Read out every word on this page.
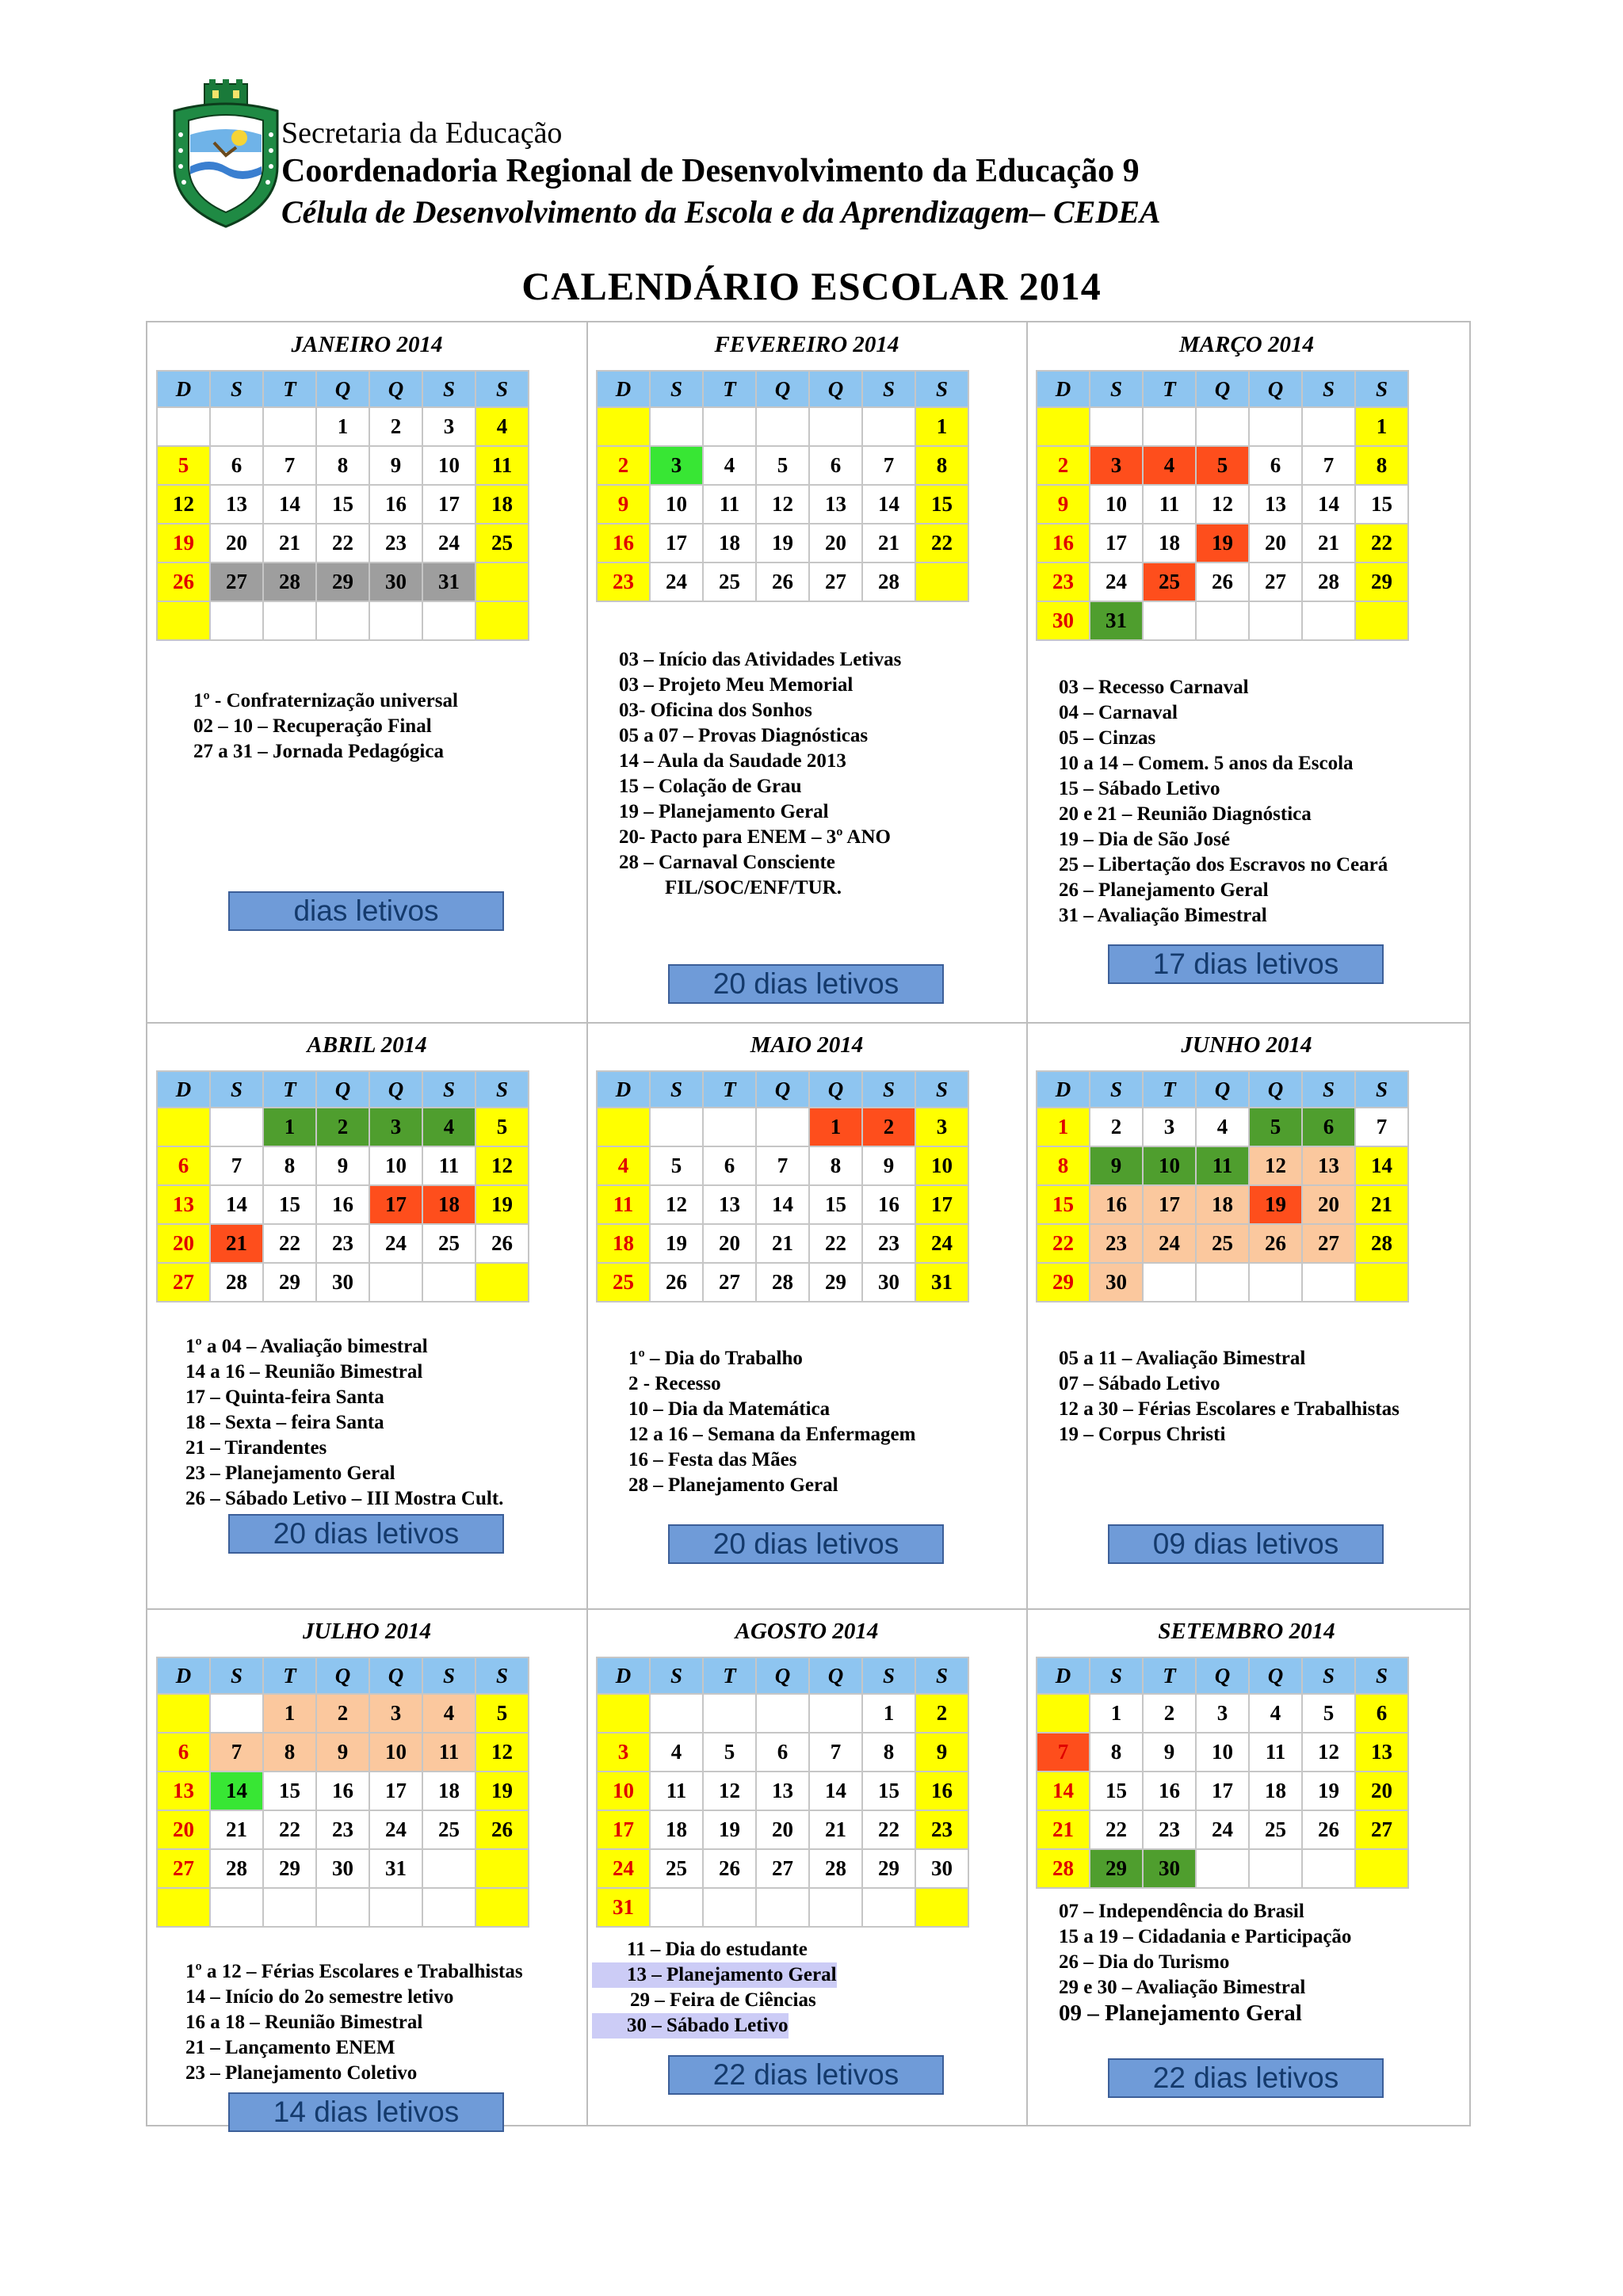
Secretaria da Educação
Coordenadoria Regional de Desenvolvimento da Educação 9
Célula de Desenvolvimento da Escola e da Aprendizagem– CEDEA
CALENDÁRIO ESCOLAR 2014
JANEIRO 2014
D	S	T	Q	Q	S	S
			1	2	3	4
5	6	7	8	9	10	11
12	13	14	15	16	17	18
19	20	21	22	23	24	25
26	27	28	29	30	31	

1º - Confraternização universal
02 – 10 – Recuperação Final
27 a 31 – Jornada Pedagógica
dias letivos
FEVEREIRO 2014
D	S	T	Q	Q	S	S
						1
2	3	4	5	6	7	8
9	10	11	12	13	14	15
16	17	18	19	20	21	22
23	24	25	26	27	28	
03 – Início das Atividades Letivas
03 – Projeto Meu Memorial
03- Oficina dos Sonhos
05 a 07 – Provas Diagnósticas
14 – Aula da Saudade 2013
15 – Colação de Grau
19 – Planejamento Geral
20- Pacto para ENEM – 3º ANO
28 – Carnaval Consciente
FIL/SOC/ENF/TUR.
20 dias letivos
MARÇO 2014
D	S	T	Q	Q	S	S
						1
2	3	4	5	6	7	8
9	10	11	12	13	14	15
16	17	18	19	20	21	22
23	24	25	26	27	28	29
30	31					
03 – Recesso Carnaval
04 – Carnaval
05 – Cinzas
10 a 14 – Comem. 5 anos da Escola
15 – Sábado Letivo
20 e 21 – Reunião Diagnóstica
19 – Dia de São José
25 – Libertação dos Escravos no Ceará
26 – Planejamento Geral
31 – Avaliação Bimestral
17 dias letivos
ABRIL 2014
D	S	T	Q	Q	S	S
		1	2	3	4	5
6	7	8	9	10	11	12
13	14	15	16	17	18	19
20	21	22	23	24	25	26
27	28	29	30			
1º a 04 – Avaliação bimestral
14 a 16 – Reunião Bimestral
17 – Quinta-feira Santa
18 – Sexta – feira Santa
21 – Tirandentes
23 – Planejamento Geral
26 – Sábado Letivo – III Mostra Cult.
20 dias letivos
MAIO 2014
D	S	T	Q	Q	S	S
				1	2	3
4	5	6	7	8	9	10
11	12	13	14	15	16	17
18	19	20	21	22	23	24
25	26	27	28	29	30	31
1º – Dia do Trabalho
2 - Recesso
10 – Dia da Matemática
12 a 16 – Semana da Enfermagem
16 – Festa das Mães
28 – Planejamento Geral
20 dias letivos
JUNHO 2014
D	S	T	Q	Q	S	S
1	2	3	4	5	6	7
8	9	10	11	12	13	14
15	16	17	18	19	20	21
22	23	24	25	26	27	28
29	30					
05 a 11 – Avaliação Bimestral
07 – Sábado Letivo
12 a 30 – Férias Escolares e Trabalhistas
19 – Corpus Christi
09 dias letivos
JULHO 2014
D	S	T	Q	Q	S	S
		1	2	3	4	5
6	7	8	9	10	11	12
13	14	15	16	17	18	19
20	21	22	23	24	25	26
27	28	29	30	31		

1º a 12 – Férias Escolares e Trabalhistas
14 – Início do 2o semestre letivo
16 a 18 – Reunião Bimestral
21 – Lançamento ENEM
23 – Planejamento Coletivo
14 dias letivos
AGOSTO 2014
D	S	T	Q	Q	S	S
					1	2
3	4	5	6	7	8	9
10	11	12	13	14	15	16
17	18	19	20	21	22	23
24	25	26	27	28	29	30
31						
11 – Dia do estudante
13 – Planejamento Geral
29 – Feira de Ciências
30 – Sábado Letivo
22 dias letivos
SETEMBRO 2014
D	S	T	Q	Q	S	S
	1	2	3	4	5	6
7	8	9	10	11	12	13
14	15	16	17	18	19	20
21	22	23	24	25	26	27
28	29	30				
07 – Independência do Brasil
15 a 19 – Cidadania e Participação
26 – Dia do Turismo
29 e 30 – Avaliação Bimestral
09 – Planejamento Geral
22 dias letivos
